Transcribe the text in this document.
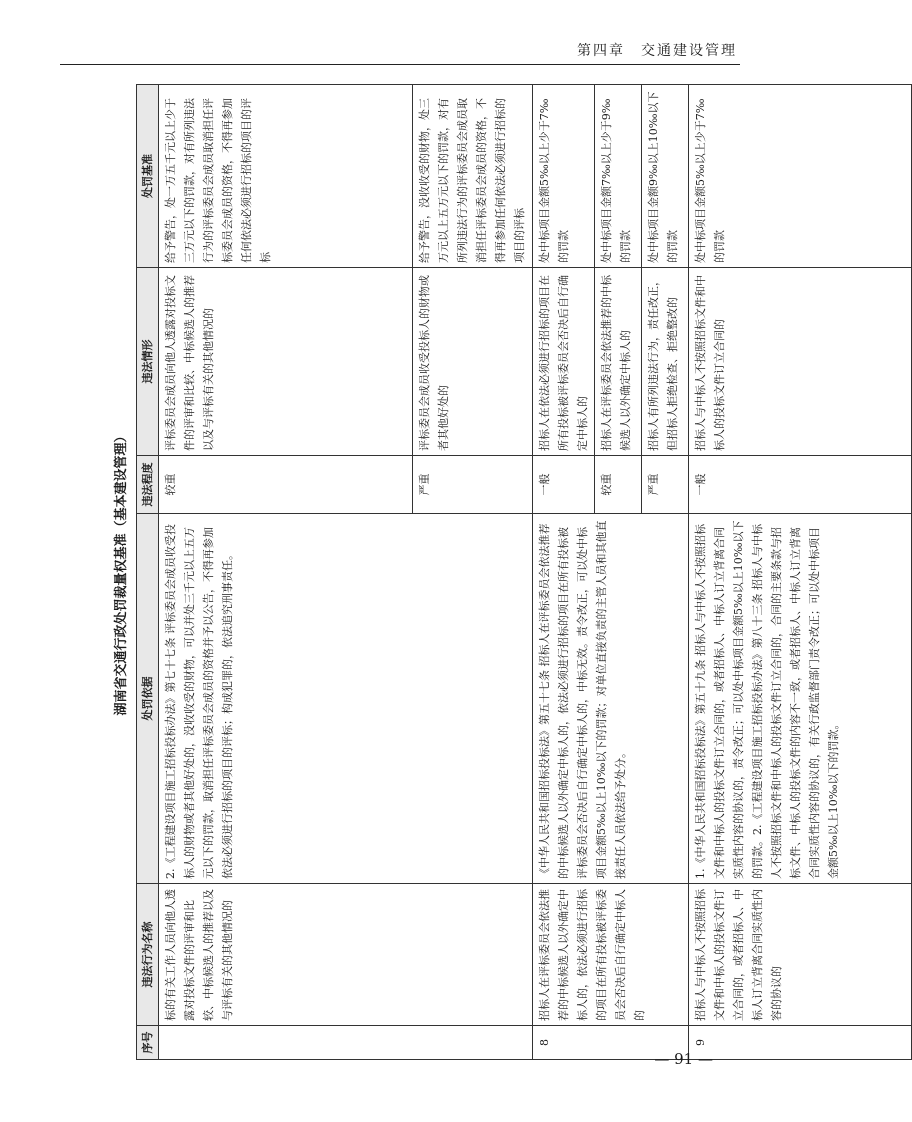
第四章　交通建设管理
湖南省交通行政处罚裁量权基准（基本建设管理）
序号	违法行为名称	处罚依据	违法程度	违法情形	处罚基准
	标的有关工作人员向他人透露对投标文件的评审和比较、中标候选人的推荐以及与评标有关的其他情况的	2.《工程建设项目施工招标投标办法》第七十七条 评标委员会成员收受投标人的财物或者其他好处的，没收收受的财物，可以并处三千元以上五万元以下的罚款，取消担任评标委员会成员的资格并予以公告，不得再参加依法必须进行招标的项目的评标；构成犯罪的，依法追究刑事责任。	较重	评标委员会成员向他人透露对投标文件的评审和比较、中标候选人的推荐以及与评标有关的其他情况的	给予警告，处一万五千元以上少于三万元以下的罚款，对有所列违法行为的评标委员会成员取消担任评标委员会成员的资格，不得再参加任何依法必须进行招标的项目的评标
			严重	评标委员会成员收受投标人的财物或者其他好处的	给予警告，没收收受的财物，处三万元以上五万元以下的罚款，对有所列违法行为的评标委员会成员取消担任评标委员会成员的资格，不得再参加任何依法必须进行招标的项目的评标
8	招标人在评标委员会依法推荐的中标候选人以外确定中标人的，依法必须进行招标的项目在所有投标被评标委员会否决后自行确定中标人的	《中华人民共和国招标投标法》第五十七条 招标人在评标委员会依法推荐的中标候选人以外确定中标人的，依法必须进行招标的项目在所有投标被评标委员会否决后自行确定中标人的，中标无效。责令改正，可以处中标项目金额5‰以上10‰以下的罚款；对单位直接负责的主管人员和其他直接责任人员依法给予处分。	一般	招标人在依法必须进行招标的项目在所有投标被评标委员会否决后自行确定中标人的	处中标项目金额5‰以上少于7‰的罚款
			较重	招标人在评标委员会依法推荐的中标候选人以外确定中标人的	处中标项目金额7‰以上少于9‰的罚款
			严重	招标人有所列违法行为，责任改正，但招标人拒绝检查、拒绝整改的	处中标项目金额9‰以上10‰以下的罚款
9	招标人与中标人不按照招标文件和中标人的投标文件订立合同的，或者招标人、中标人订立背离合同实质性内容的协议的	1.《中华人民共和国招标投标法》第五十九条 招标人与中标人不按照招标文件和中标人的投标文件订立合同的，或者招标人、中标人订立背离合同实质性内容的协议的，责令改正；可以处中标项目金额5‰以上10‰以下的罚款。2.《工程建设项目施工招标投标办法》第八十三条 招标人与中标人不按照招标文件和中标人的投标文件订立合同的，合同的主要条款与招标文件、中标人的投标文件的内容不一致，或者招标人、中标人订立背离合同实质性内容的协议的，有关行政监督部门责令改正；可以处中标项目金额5‰以上10‰以下的罚款。	一般	招标人与中标人不按照招标文件和中标人的投标文件订立合同的	处中标项目金额5‰以上少于7‰的罚款
— 91 —
